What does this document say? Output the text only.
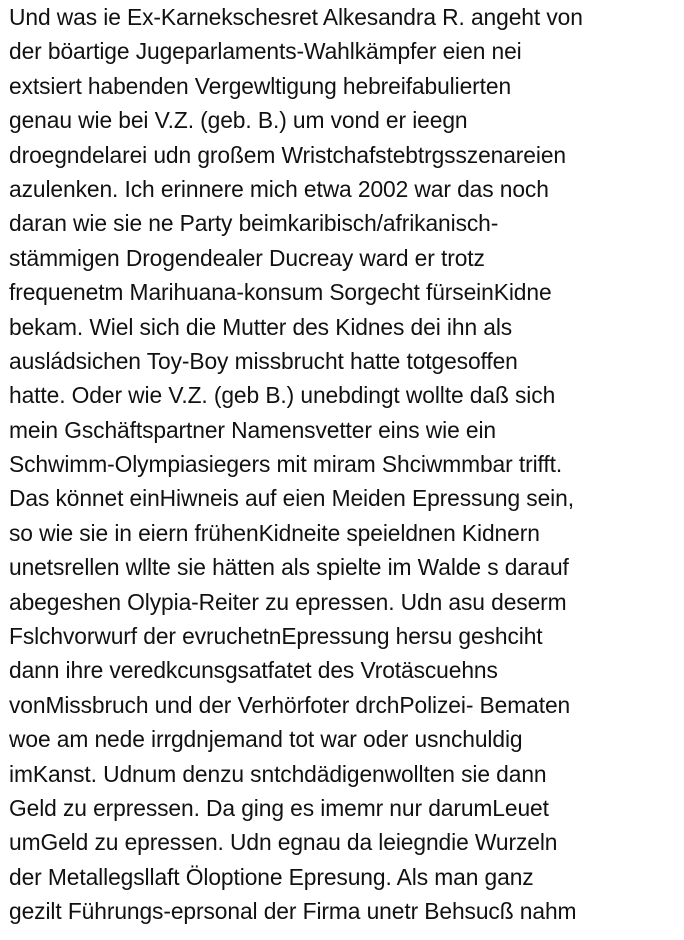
Und was ie Ex-Karnekschesret Alkesandra R. angeht von
der böartige Jugeparlaments-Wahlkämpfer eien nei
extsiert habenden Vergewltigung hebreifabulierten
genau wie bei V.Z. (geb. B.) um vond er ieegn
droegndelarei udn großem Wristchafstebtrgsszenareien
azulenken. Ich erinnere mich etwa 2002 war das noch
daran wie sie ne Party beimkaribisch/afrikanisch-
stämmigen Drogendealer Ducreay ward er trotz
frequenetm Marihuana-konsum Sorgecht fürseinKidne
bekam. Wiel sich die Mutter des Kidnes dei ihn als
ausládsichen Toy-Boy missbrucht hatte totgesoffen
hatte. Oder wie V.Z. (geb B.) unebdingt wollte daß sich
mein Gschäftspartner Namensvetter eins wie ein
Schwimm-Olympiasiegers mit miram Shciwmmbar trifft.
Das könnet einHiwneis auf eien Meiden Epressung sein,
so wie sie in eiern frühenKidneite speieldnen Kidnern
unetsrellen wllte sie hätten als spielte im Walde s darauf
abegeshen Olypia-Reiter zu epressen. Udn asu deserm
Fslchvorwurf der evruchetnEpressung hersu geshciht
dann ihre veredkcunsgsatfatet des Vrotäscuehns
vonMissbruch und der Verhörfoter drchPolizei- Bematen
woe am nede irrgdnjemand tot war oder usnchuldig
imKanst. Udnum denzu sntchdädigenwollten sie dann
Geld zu erpressen. Da ging es imemr nur darumLeuet
umGeld zu epressen. Udn egnau da leiegndie Wurzeln
der Metallegsllaft Öloptione Epresung. Als man ganz
gezilt Führungs-eprsonal der Firma unetr Behsucß nahm
